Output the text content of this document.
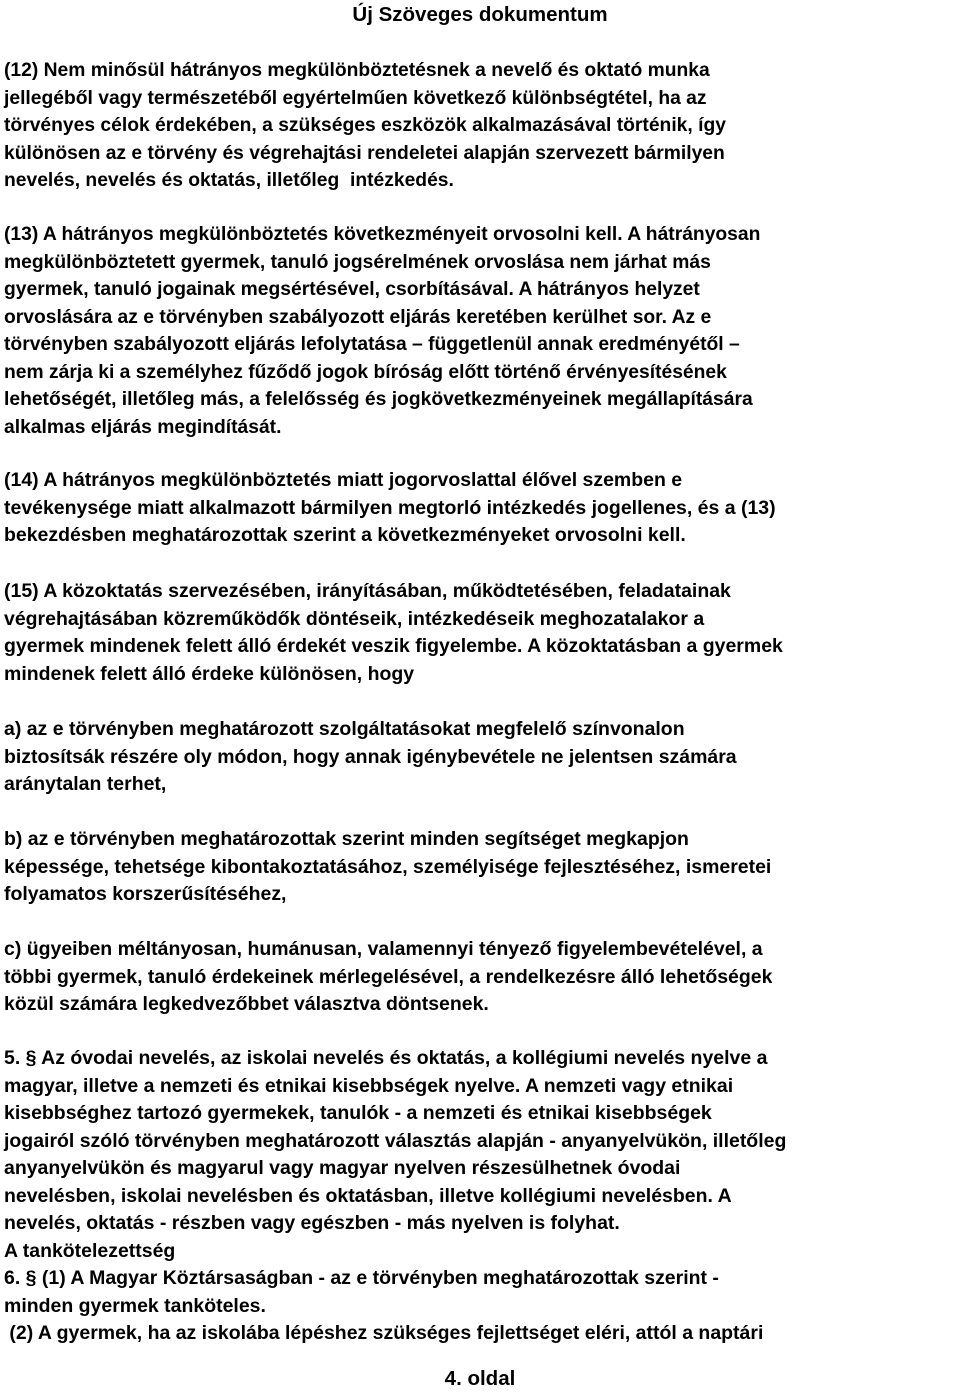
Új Szöveges dokumentum
(12) Nem minősül hátrányos megkülönböztetésnek a nevelő és oktató munka
jellegéből vagy természetéből egyértelműen következő különbségtétel, ha az
törvényes célok érdekében, a szükséges eszközök alkalmazásával történik, így
különösen az e törvény és végrehajtási rendeletei alapján szervezett bármilyen
nevelés, nevelés és oktatás, illetőleg  intézkedés.
(13) A hátrányos megkülönböztetés következményeit orvosolni kell. A hátrányosan
megkülönböztetett gyermek, tanuló jogsérelmének orvoslása nem járhat más
gyermek, tanuló jogainak megsértésével, csorbításával. A hátrányos helyzet
orvoslására az e törvényben szabályozott eljárás keretében kerülhet sor. Az e
törvényben szabályozott eljárás lefolytatása – függetlenül annak eredményétől –
nem zárja ki a személyhez fűződő jogok bíróság előtt történő érvényesítésének
lehetőségét, illetőleg más, a felelősség és jogkövetkezményeinek megállapítására
alkalmas eljárás megindítását.
(14) A hátrányos megkülönböztetés miatt jogorvoslattal élővel szemben e
tevékenysége miatt alkalmazott bármilyen megtorló intézkedés jogellenes, és a (13)
bekezdésben meghatározottak szerint a következményeket orvosolni kell.
(15) A közoktatás szervezésében, irányításában, működtetésében, feladatainak
végrehajtásában közreműködők döntéseik, intézkedéseik meghozatalakor a
gyermek mindenek felett álló érdekét veszik figyelembe. A közoktatásban a gyermek
mindenek felett álló érdeke különösen, hogy
a) az e törvényben meghatározott szolgáltatásokat megfelelő színvonalon
biztosítsák részére oly módon, hogy annak igénybevétele ne jelentsen számára
aránytalan terhet,
b) az e törvényben meghatározottak szerint minden segítséget megkapjon
képessége, tehetsége kibontakoztatásához, személyisége fejlesztéséhez, ismeretei
folyamatos korszerűsítéséhez,
c) ügyeiben méltányosan, humánusan, valamennyi tényező figyelembevételével, a
többi gyermek, tanuló érdekeinek mérlegelésével, a rendelkezésre álló lehetőségek
közül számára legkedvezőbbet választva döntsenek.
5. § Az óvodai nevelés, az iskolai nevelés és oktatás, a kollégiumi nevelés nyelve a
magyar, illetve a nemzeti és etnikai kisebbségek nyelve. A nemzeti vagy etnikai
kisebbséghez tartozó gyermekek, tanulók - a nemzeti és etnikai kisebbségek
jogairól szóló törvényben meghatározott választás alapján - anyanyelvükön, illetőleg
anyanyelvükön és magyarul vagy magyar nyelven részesülhetnek óvodai
nevelésben, iskolai nevelésben és oktatásban, illetve kollégiumi nevelésben. A
nevelés, oktatás - részben vagy egészben - más nyelven is folyhat.
A tankötelezettség
6. § (1) A Magyar Köztársaságban - az e törvényben meghatározottak szerint -
minden gyermek tanköteles.
(2) A gyermek, ha az iskolába lépéshez szükséges fejlettséget eléri, attól a naptári
4. oldal
